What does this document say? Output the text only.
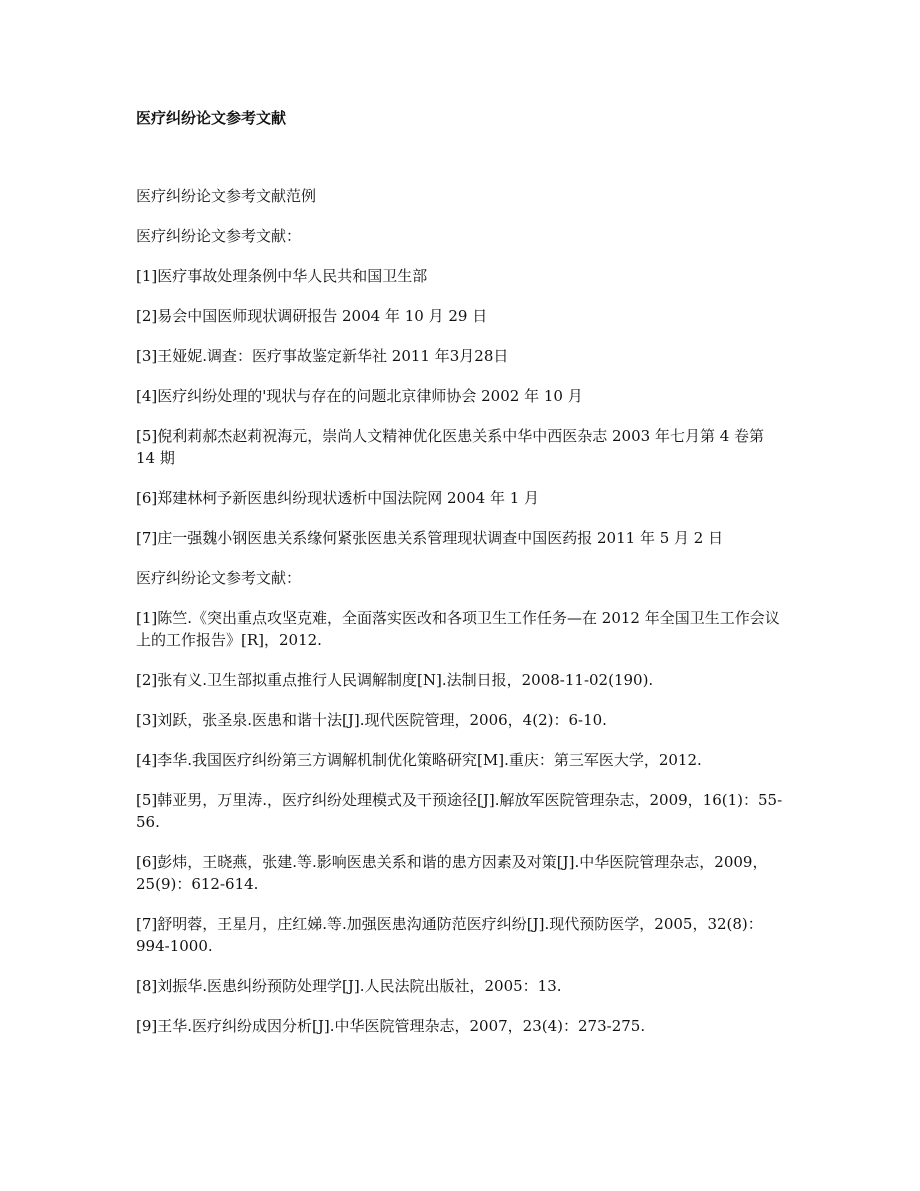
医疗纠纷论文参考文献

医疗纠纷论文参考文献范例

医疗纠纷论文参考文献：

[1]医疗事故处理条例中华人民共和国卫生部

[2]易会中国医师现状调研报告 2004 年 10 月 29 日

[3]王娅妮.调查：医疗事故鉴定新华社 2011 年3月28日

[4]医疗纠纷处理的'现状与存在的问题北京律师协会 2002 年 10 月

[5]倪利莉郝杰赵莉祝海元，崇尚人文精神优化医患关系中华中西医杂志 2003 年七月第 4 卷第 14 期

[6]郑建林柯予新医患纠纷现状透析中国法院网 2004 年 1 月

[7]庄一强魏小钢医患关系缘何紧张医患关系管理现状调查中国医药报 2011 年 5 月 2 日

医疗纠纷论文参考文献：

[1]陈竺.《突出重点攻坚克难，全面落实医改和各项卫生工作任务—在 2012 年全国卫生工作会议上的工作报告》[R]，2012.

[2]张有义.卫生部拟重点推行人民调解制度[N].法制日报，2008-11-02(190).

[3]刘跃，张圣泉.医患和谐十法[J].现代医院管理，2006，4(2)：6-10.

[4]李华.我国医疗纠纷第三方调解机制优化策略研究[M].重庆：第三军医大学，2012.

[5]韩亚男，万里涛.，医疗纠纷处理模式及干预途径[J].解放军医院管理杂志，2009，16(1)：55-56.

[6]彭炜，王晓燕，张建.等.影响医患关系和谐的患方因素及对策[J].中华医院管理杂志，2009，25(9)：612-614.

[7]舒明蓉，王星月，庄红娣.等.加强医患沟通防范医疗纠纷[J].现代预防医学，2005，32(8)：994-1000.

[8]刘振华.医患纠纷预防处理学[J].人民法院出版社，2005：13.

[9]王华.医疗纠纷成因分析[J].中华医院管理杂志，2007，23(4)：273-275.
